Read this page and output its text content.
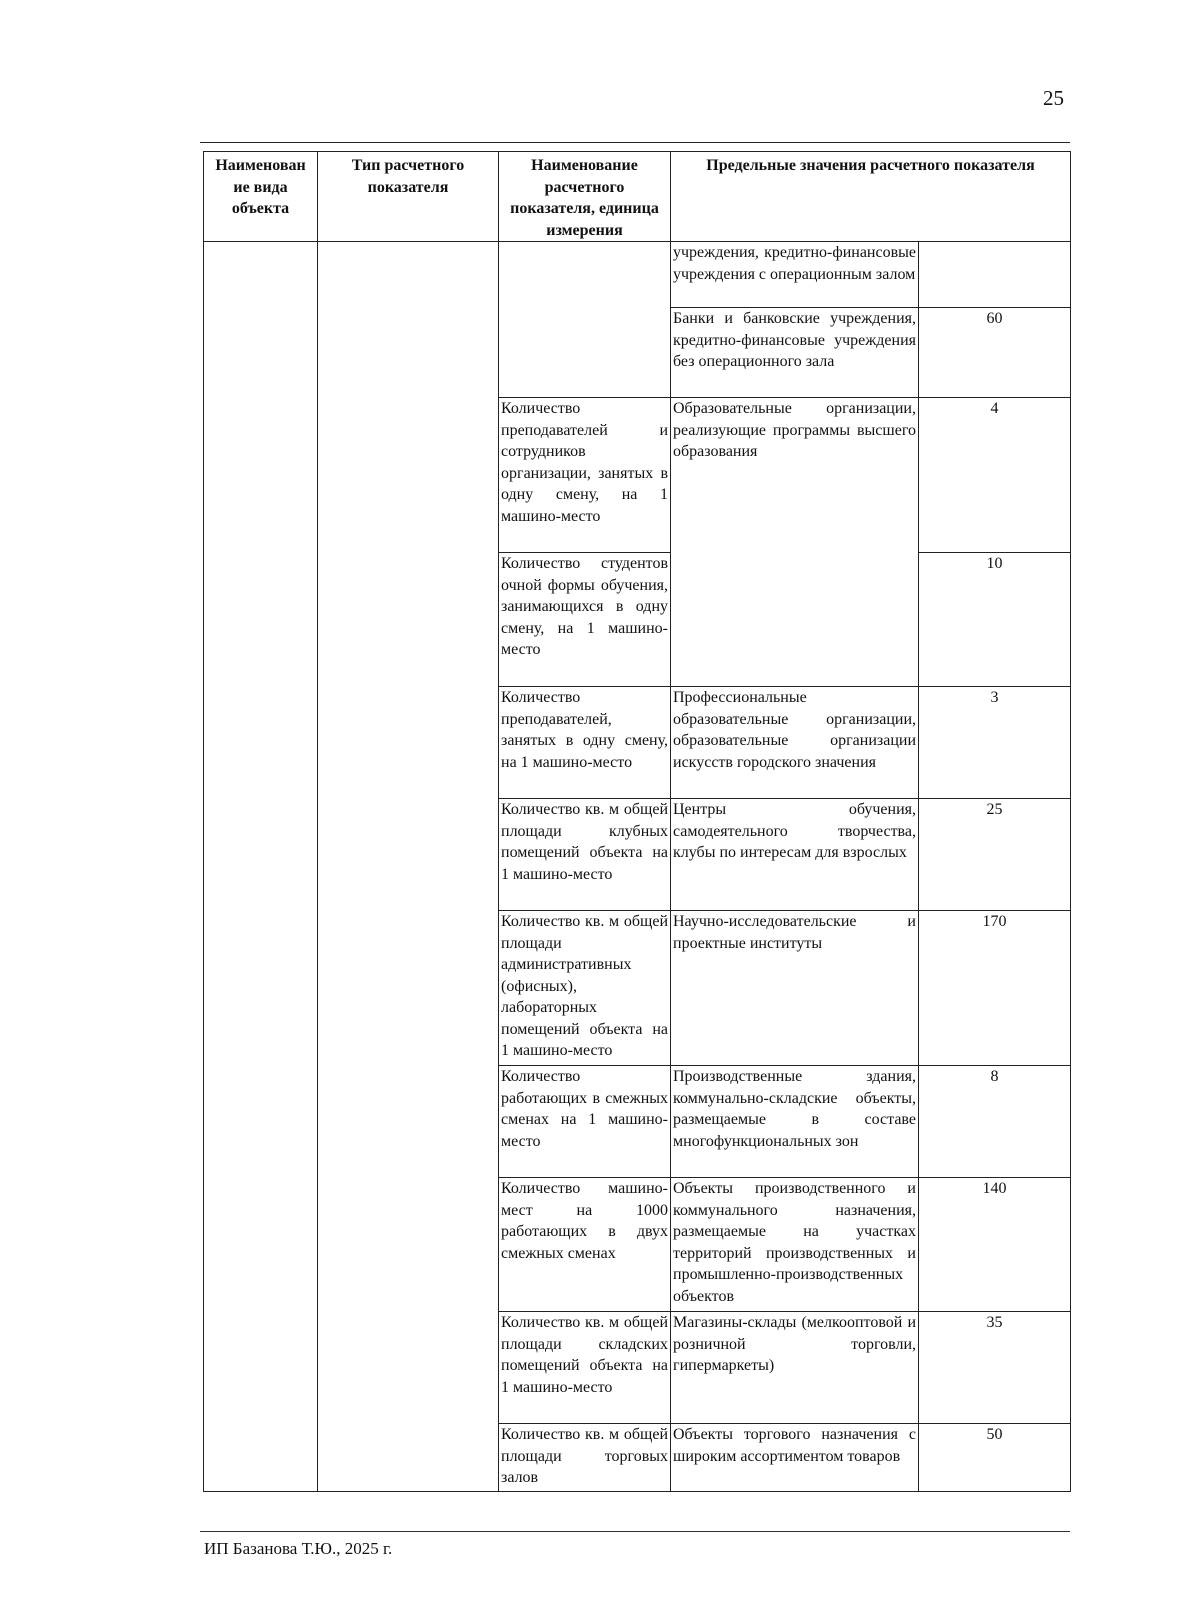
25
Наименован ие вида объекта	Тип расчетного показателя	Наименование расчетного показателя, единица измерения	Предельные значения расчетного показателя	
			учреждения, кредитно-финансовые учреждения с операционным залом	
			Банки и банковские учреждения, кредитно-финансовые учреждения без операционного зала	60
		Количество преподавателей и сотрудников организации, занятых в одну смену, на 1 машино-место	Образовательные организации, реализующие программы высшего образования	4
		Количество студентов очной формы обучения, занимающихся в одну смену, на 1 машино-место		10
		Количество преподавателей, занятых в одну смену, на 1 машино-место	Профессиональные образовательные организации, образовательные организации искусств городского значения	3
		Количество кв. м общей площади клубных помещений объекта на 1 машино-место	Центры обучения, самодеятельного творчества, клубы по интересам для взрослых	25
		Количество кв. м общей площади административных (офисных), лабораторных помещений объекта на 1 машино-место	Научно-исследовательские и проектные институты	170
		Количество работающих в смежных сменах на 1 машино-место	Производственные здания, коммунально-складские объекты, размещаемые в составе многофункциональных зон	8
		Количество машино-мест на 1000 работающих в двух смежных сменах	Объекты производственного и коммунального назначения, размещаемые на участках территорий производственных и промышленно-производственных объектов	140
		Количество кв. м общей площади складских помещений объекта на 1 машино-место	Магазины-склады (мелкооптовой и розничной торговли, гипермаркеты)	35
		Количество кв. м общей площади торговых залов	Объекты торгового назначения с широким ассортиментом товаров	50
ИП Базанова Т.Ю., 2025 г.
